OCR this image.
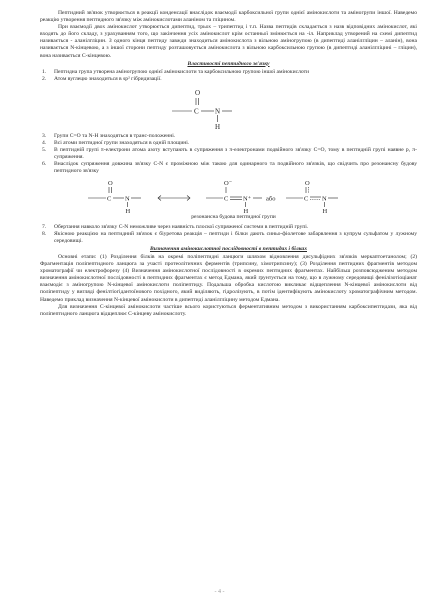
Пептидний зв'язок утворюється в реакції конденсації внаслідок взаємодії карбоксильної групи однієї амінокислоти та аміногрупи іншої. Наведемо реакцію утворення пептидного зв'язку між амінокислотами аланіном та гліцином.

При взаємодії двох амінокислот утворюється дипептид, трьох – трипептид і т.п. Назва пептидів складається з назв відповідних амінокислот, які входять до його складу, з урахуванням того, що закінчення усіх амінокислот крім останньої змінюється на -іл. Наприклад утворений на схемі дипептид називається - аланілгліцин. З одного кінця пептиду завжди знаходиться амінокислота з вільною аміногрупою (в дипептиді аланілгліцин – аланін), вона називається N-кінцевою, а з іншої сторони пептиду розташовується амінокислота з вільною карбоксильною групою (в дипептиді аланілгліцині – гліцин), вона називається С-кінцевою.

Властивості пептидного зв'язку
1. Пептидна група утворена аміногрупою однієї амінокислоти та карбоксильною групою іншої амінокислоти
2. Атом вуглецю знаходиться в sp² гібридизації.
O
C N
H
3. Групи С=О та N-H знаходяться в транс-положенні.
4. Всі атоми пептидної групи знаходяться в одній площині.
5. В пептидній групі π-електрони атома азоту вступають в супряження з π-електронами подвійного зв'язку С=О, тому в пептидній групі наявне р, π-супряження.
6. Внаслідок супряження довжина зв'язку С-N є проміжною між такою для одинарного та подвійного зв'язків, що свідчить про резонансну будову пептидного зв'язку
O
C N
H
O⁻
C N⁺
H
або
O
C N
H
резонансна будова пептидної групи
7. Обертання навколо зв'язку С-N неможливе через наявність плоскої супряженої системи в пептидній групі.
8. Якісною реакцією на пептидний зв'язок є біуретова реакція – пептиди і білки дають синьо-фіолетове забарвлення з купрум сульфатом у лужному середовищі.
Визначення амінокислотної послідовності в пептидах і білках

Основні етапи: (1) Розділення білків на окремі поліпептидні ланцюги шляхом відновлення дисульфідних зв'язків меркаптоетанолом; (2) Фрагментація поліпептидного ланцюга за участі протеолітичних ферментів (трипсину, хімотрипсину); (3) Розділення пептидних фрагментів методом хроматографії чи електрофорезу (4) Визначення амінокислотної послідовності в окремих пептидних фрагментах. Найбільш розповсюдженим методом визначення амінокислотної послідовності в пептидних фрагментах є метод Едмана, який ґрунтується на тому, що в лужному середовищі фенілізотіоціанат взаємодіє з аміногрупою N-кінцевої амінокислоти поліпептиду. Подальша обробка кислотою викликає відщеплення N-кінцевої амінокислоти від поліпептиду у вигляді фенілтіогідантоїнового похідного, який виділяють, гідролізують, в потім ідентифікують амінокислоту хроматографічним методом. Наведемо приклад визначення N-кінцевої амінокислоти в дипептиді аланілгліцину методом Едмана.

Для визначення С-кінцевої амінокислоти частіше всього користуються ферментативним методом з використанням карбоксипептидази, яка від поліпептидного ланцюга відщеплює С-кінцеву амінокислоту.

- 4 -
